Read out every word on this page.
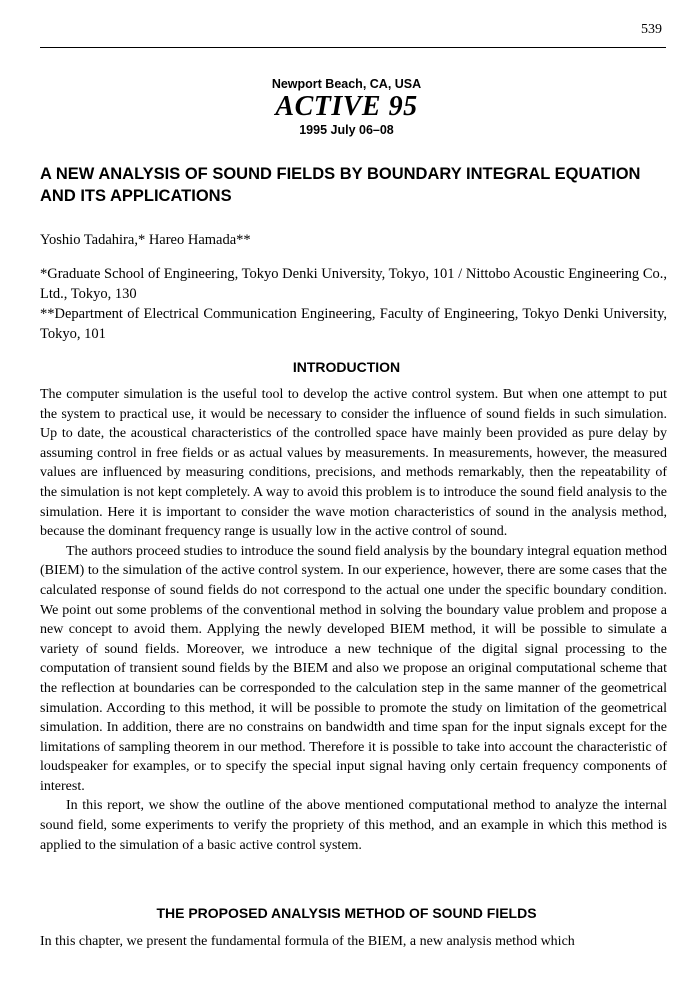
539
Newport Beach, CA, USA
ACTIVE 95
1995 July 06–08
A NEW ANALYSIS OF SOUND FIELDS BY BOUNDARY INTEGRAL EQUATION AND ITS APPLICATIONS
Yoshio Tadahira,* Hareo Hamada**

*Graduate School of Engineering, Tokyo Denki University, Tokyo, 101 / Nittobo Acoustic Engineering Co., Ltd., Tokyo, 130

**Department of Electrical Communication Engineering, Faculty of Engineering, Tokyo Denki University, Tokyo, 101

INTRODUCTION

The computer simulation is the useful tool to develop the active control system. But when one attempt to put the system to practical use, it would be necessary to consider the influence of sound fields in such simulation. Up to date, the acoustical characteristics of the controlled space have mainly been provided as pure delay by assuming control in free fields or as actual values by measurements. In measurements, however, the measured values are influenced by measuring conditions, precisions, and methods remarkably, then the repeatability of the simulation is not kept completely. A way to avoid this problem is to introduce the sound field analysis to the simulation. Here it is important to consider the wave motion characteristics of sound in the analysis method, because the dominant frequency range is usually low in the active control of sound.

The authors proceed studies to introduce the sound field analysis by the boundary integral equation method (BIEM) to the simulation of the active control system. In our experience, however, there are some cases that the calculated response of sound fields do not correspond to the actual one under the specific boundary condition. We point out some problems of the conventional method in solving the boundary value problem and propose a new concept to avoid them. Applying the newly developed BIEM method, it will be possible to simulate a variety of sound fields. Moreover, we introduce a new technique of the digital signal processing to the computation of transient sound fields by the BIEM and also we propose an original computational scheme that the reflection at boundaries can be corresponded to the calculation step in the same manner of the geometrical simulation. According to this method, it will be possible to promote the study on limitation of the geometrical simulation. In addition, there are no constrains on bandwidth and time span for the input signals except for the limitations of sampling theorem in our method. Therefore it is possible to take into account the characteristic of loudspeaker for examples, or to specify the special input signal having only certain frequency components of interest.

In this report, we show the outline of the above mentioned computational method to analyze the internal sound field, some experiments to verify the propriety of this method, and an example in which this method is applied to the simulation of a basic active control system.

THE PROPOSED ANALYSIS METHOD OF SOUND FIELDS

In this chapter, we present the fundamental formula of the BIEM, a new analysis method which
